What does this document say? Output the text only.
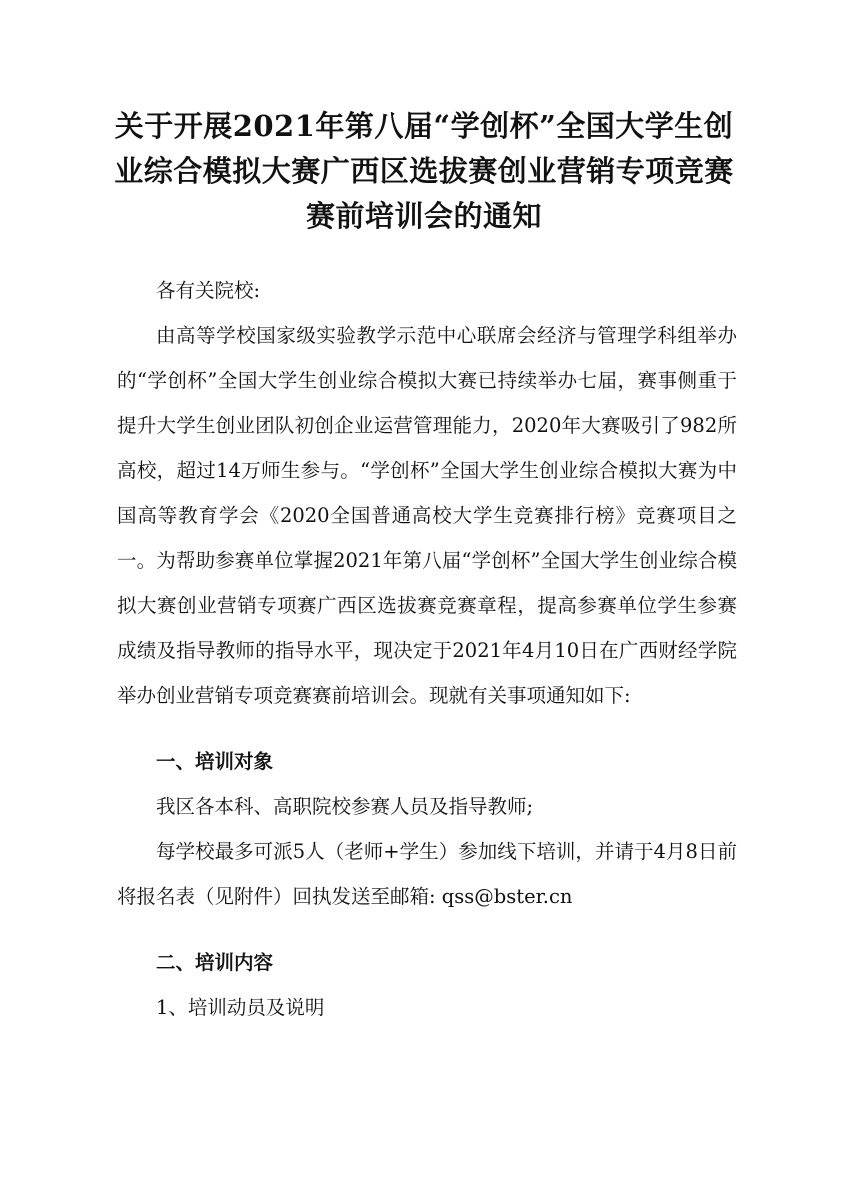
关于开展2021年第八届“学创杯”全国大学生创
业综合模拟大赛广西区选拔赛创业营销专项竞赛
赛前培训会的通知

各有关院校:

由高等学校国家级实验教学示范中心联席会经济与管理学科组举办的“学创杯”全国大学生创业综合模拟大赛已持续举办七届，赛事侧重于提升大学生创业团队初创企业运营管理能力，2020年大赛吸引了982所高校，超过14万师生参与。“学创杯”全国大学生创业综合模拟大赛为中国高等教育学会《2020全国普通高校大学生竞赛排行榜》竞赛项目之一。为帮助参赛单位掌握2021年第八届“学创杯”全国大学生创业综合模拟大赛创业营销专项赛广西区选拔赛竞赛章程，提高参赛单位学生参赛成绩及指导教师的指导水平，现决定于2021年4月10日在广西财经学院举办创业营销专项竞赛赛前培训会。现就有关事项通知如下:

一、培训对象

我区各本科、高职院校参赛人员及指导教师;

每学校最多可派5人（老师+学生）参加线下培训，并请于4月8日前将报名表（见附件）回执发送至邮箱: qss@bster.cn

二、培训内容

1、培训动员及说明
